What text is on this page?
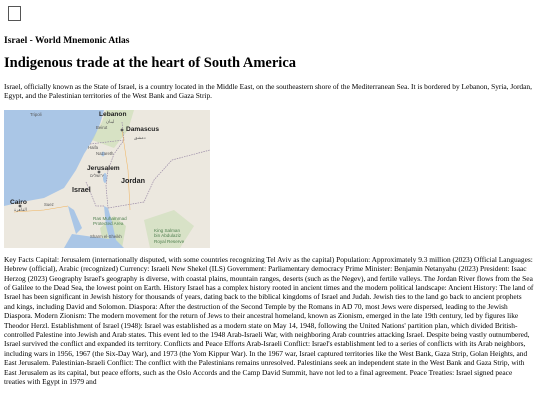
Israel - World Mnemonic Atlas
Indigenous trade at the heart of South America

Israel, officially known as the State of Israel, is a country located in the Middle East, on the southeastern shore of the Mediterranean Sea. It is bordered by Lebanon, Syria, Jordan, Egypt, and the Palestinian territories of the West Bank and Gaza Strip.

Tripoli	Lebanon
لبنان
Beirut	Damascus
دمشق
Haifa
Nazareth
Jerusalem
ירושלים
Jordan
Israel
Cairo
القاهرة
Suez
Ras Muhammad
Protected Area
Sharm el-Sheikh
King Salman
bin Abdulaziz
Royal Reserve

Key Facts Capital: Jerusalem (internationally disputed, with some countries recognizing Tel Aviv as the capital) Population: Approximately 9.3 million (2023) Official Languages: Hebrew (official), Arabic (recognized) Currency: Israeli New Shekel (ILS) Government: Parliamentary democracy Prime Minister: Benjamin Netanyahu (2023) President: Isaac Herzog (2023) Geography Israel's geography is diverse, with coastal plains, mountain ranges, deserts (such as the Negev), and fertile valleys. The Jordan River flows from the Sea of Galilee to the Dead Sea, the lowest point on Earth. History Israel has a complex history rooted in ancient times and the modern political landscape: Ancient History: The land of Israel has been significant in Jewish history for thousands of years, dating back to the biblical kingdoms of Israel and Judah. Jewish ties to the land go back to ancient prophets and kings, including David and Solomon. Diaspora: After the destruction of the Second Temple by the Romans in AD 70, most Jews were dispersed, leading to the Jewish Diaspora. Modern Zionism: The modern movement for the return of Jews to their ancestral homeland, known as Zionism, emerged in the late 19th century, led by figures like Theodor Herzl. Establishment of Israel (1948): Israel was established as a modern state on May 14, 1948, following the United Nations' partition plan, which divided British-controlled Palestine into Jewish and Arab states. This event led to the 1948 Arab-Israeli War, with neighboring Arab countries attacking Israel. Despite being vastly outnumbered, Israel survived the conflict and expanded its territory. Conflicts and Peace Efforts Arab-Israeli Conflict: Israel's establishment led to a series of conflicts with its Arab neighbors, including wars in 1956, 1967 (the Six-Day War), and 1973 (the Yom Kippur War). In the 1967 war, Israel captured territories like the West Bank, Gaza Strip, Golan Heights, and East Jerusalem. Palestinian-Israeli Conflict: The conflict with the Palestinians remains unresolved. Palestinians seek an independent state in the West Bank and Gaza Strip, with East Jerusalem as its capital, but peace efforts, such as the Oslo Accords and the Camp David Summit, have not led to a final agreement. Peace Treaties: Israel signed peace treaties with Egypt in 1979 and
